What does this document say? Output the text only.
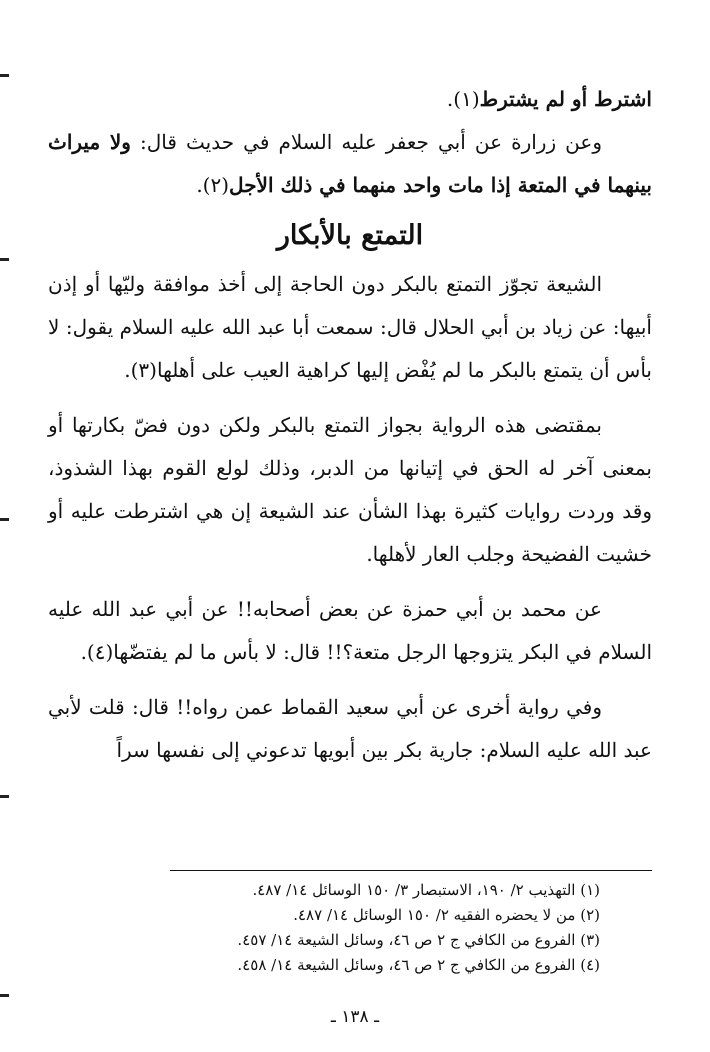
اشترط أو لم يشترط(١).

وعن زرارة عن أبي جعفر عليه السلام في حديث قال: ولا ميراث بينهما في المتعة إذا مات واحد منهما في ذلك الأجل(٢).

التمتع بالأبكار

الشيعة تجوّز التمتع بالبكر دون الحاجة إلى أخذ موافقة وليّها أو إذن أبيها: عن زياد بن أبي الحلال قال: سمعت أبا عبد الله عليه السلام يقول: لا بأس أن يتمتع بالبكر ما لم يُفْض إليها كراهية العيب على أهلها(٣).

بمقتضى هذه الرواية بجواز التمتع بالبكر ولكن دون فضّ بكارتها أو بمعنى آخر له الحق في إتيانها من الدبر، وذلك لولع القوم بهذا الشذوذ، وقد وردت روايات كثيرة بهذا الشأن عند الشيعة إن هي اشترطت عليه أو خشيت الفضيحة وجلب العار لأهلها.

عن محمد بن أبي حمزة عن بعض أصحابه!! عن أبي عبد الله عليه السلام في البكر يتزوجها الرجل متعة؟!! قال: لا بأس ما لم يفتضّها(٤).

وفي رواية أخرى عن أبي سعيد القماط عمن رواه!! قال: قلت لأبي عبد الله عليه السلام: جارية بكر بين أبويها تدعوني إلى نفسها سراً

(١) التهذيب ٢/ ١٩٠، الاستبصار ٣/ ١٥٠ الوسائل ١٤/ ٤٨٧.

(٢) من لا يحضره الفقيه ٢/ ١٥٠ الوسائل ١٤/ ٤٨٧.

(٣) الفروع من الكافي ج ٢ ص ٤٦، وسائل الشيعة ١٤/ ٤٥٧.

(٤) الفروع من الكافي ج ٢ ص ٤٦، وسائل الشيعة ١٤/ ٤٥٨.

ـ ١٣٨ ـ
